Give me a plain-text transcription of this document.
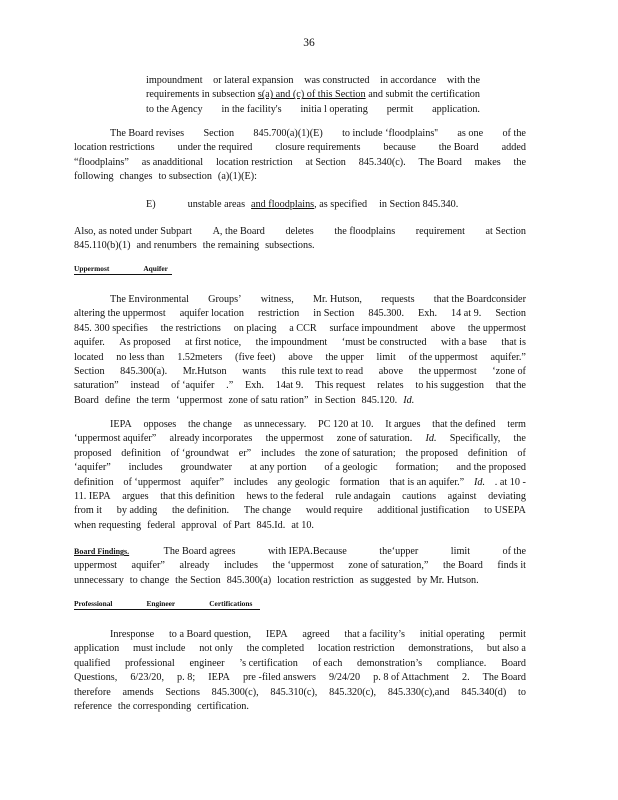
36
impoundment or lateral expansion was constructed in accordance with the
requirements in subsection s(a) and (c) of this Section and submit the certification
to the Agency in the facility's initia l operating permit application.
The Board revises Section 845.700(a)(1)(E) to include ‘floodplains'' as one of the
location restrictions under the required closure requirements because the Board added
“floodplains” as anadditional location restriction at Section 845.340(c). The Board makes the
following changes to subsection (a)(1)(E):
E)	unstable areas and floodplains , as specified in Section 845.340.
Also, as noted under Subpart A, the Board deletes the floodplains requirement at Section
845.110(b)(1) and renumbers the remaining subsections.
Uppermost	Aquifer
The Environmental Groups’ witness, Mr. Hutson, requests that the Boardconsider
altering the uppermost aquifer location restriction in Section 845.300. Exh. 14 at 9. Section
845. 300 specifies the restrictions on placing a CCR surface impoundment above the uppermost
aquifer. As proposed at first notice, the impoundment ‘must be constructed with a base that is
located no less than 1.52meters (five feet) above the upper limit of the uppermost aquifer.”
Section 845.300(a). Mr.Hutson wants this rule text to read above the uppermost ‘zone of
saturation” instead of ‘aquifer .” Exh. 14at 9. This request relates to his suggestion that the
Board define the term ‘uppermost zone of satu ration” in Section 845.120. Id.
IEPA opposes the change as unnecessary. PC 120 at 10. It argues that the defined term
‘uppermost aquifer” already incorporates the uppermost zone of saturation. Id. Specifically, the
proposed definition of ‘groundwat er” includes the zone of saturation; the proposed definition of
‘aquifer” includes groundwater at any portion of a geologic formation; and the proposed
definition of ‘uppermost aquifer” includes any geologic formation that is an aquifer.” Id. . at 10 -
11. IEPA argues that this definition hews to the federal rule andagain cautions against deviating
from it by adding the definition. The change would require additional justification to USEPA
when requesting federal approval of Part 845.Id. at 10.
Board Findings.	The Board agrees	with IEPA.Because	the‘upper	limit	of the
uppermost aquifer” already includes the ‘uppermost zone of saturation,” the Board finds it
unnecessary to change the Section 845.300(a) location restriction as suggested by Mr. Hutson.
Professional	Engineer	Certifications
Inresponse to a Board question, IEPA agreed that a facility’s initial operating permit
application must include not only the completed location restriction demonstrations, but also a
qualified professional engineer ’s certification of each demonstration’s compliance. Board
Questions, 6/23/20, p. 8; IEPA pre -filed answers 9/24/20 p. 8 of Attachment 2. The Board
therefore amends Sections 845.300(c), 845.310(c), 845.320(c), 845.330(c),and 845.340(d) to
reference the corresponding certification.
